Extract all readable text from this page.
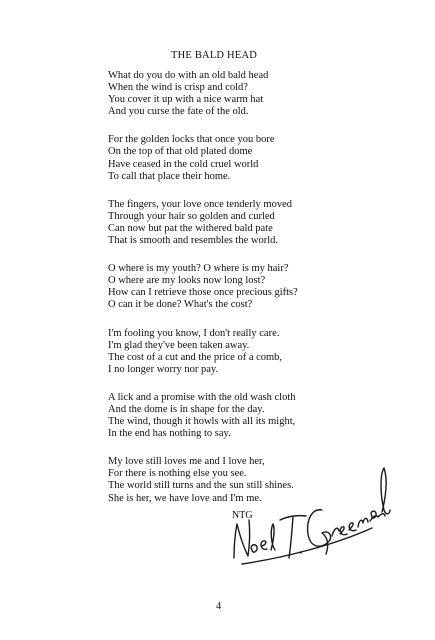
THE BALD HEAD
What do you do with an old bald head
When the wind is crisp and cold?
You cover it up with a nice warm hat
And you curse the fate of the old.
For the golden locks that once you bore
On the top of that old plated dome
Have ceased in the cold cruel world
To call that place their home.
The fingers, your love once tenderly moved
Through your hair so golden and curled
Can now but pat the withered bald pate
That is smooth and resembles the world.
O where is my youth? O where is my hair?
O where are my looks now long lost?
How can I retrieve those once precious gifts?
O can it be done? What's the cost?
I'm fooling you know, I don't really care.
I'm glad they've been taken away.
The cost of a cut and the price of a comb,
I no longer worry nor pay.
A lick and a promise with the old wash cloth
And the dome is in shape for the day.
The wind, though it howls with all its might,
In the end has nothing to say.
My love still loves me and I love her,
For there is nothing else you see.
The world still turns and the sun still shines.
She is her, we have love and I'm me.
NTG
4
